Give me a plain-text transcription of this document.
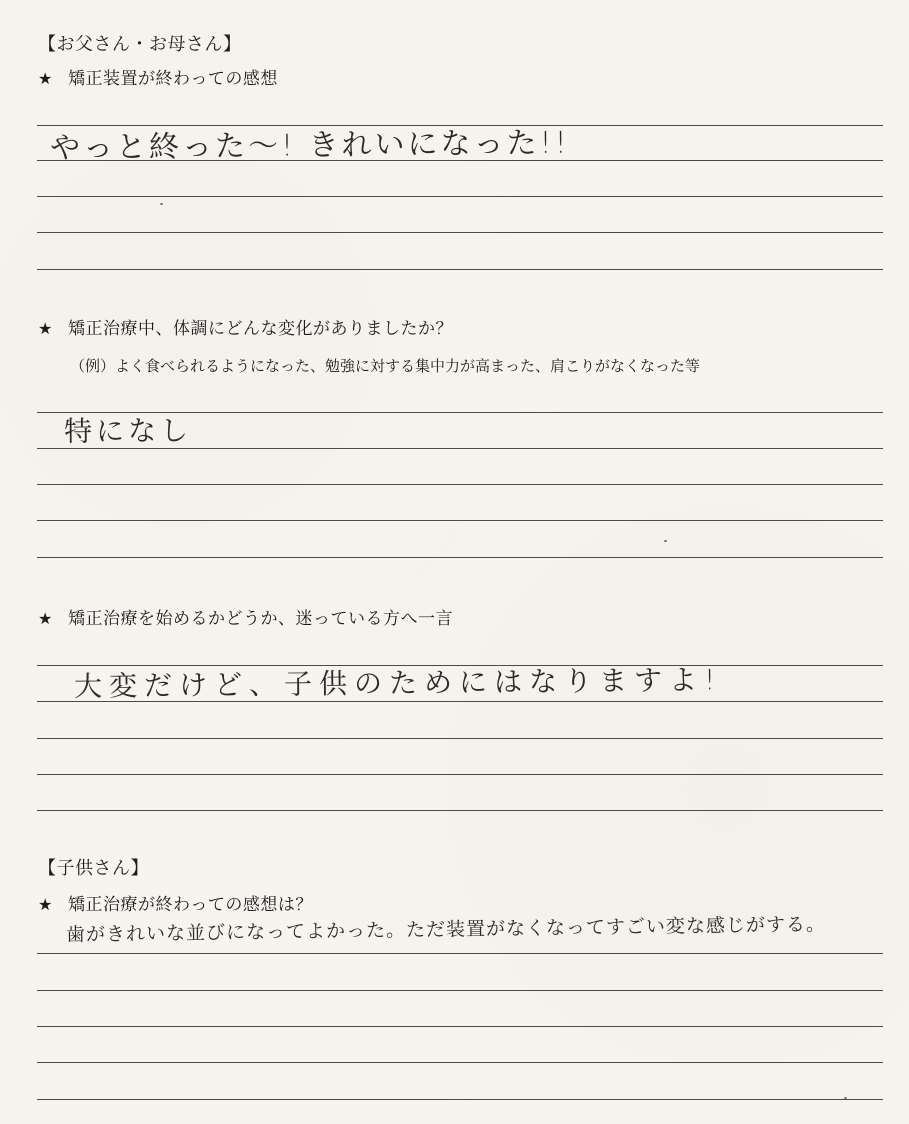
【お父さん・お母さん】
★ 矯正装置が終わっての感想
やっと終った～! きれいになった!!
★ 矯正治療中、体調にどんな変化がありましたか？
（例）よく食べられるようになった、勉強に対する集中力が高まった、肩こりがなくなった等
特になし
★ 矯正治療を始めるかどうか、迷っている方へ一言
大変だけど、子供のためにはなりますよ!
【子供さん】
★ 矯正治療が終わっての感想は？
歯がきれいな並びになってよかった。ただ装置がなくなってすごい変な感じがする。
